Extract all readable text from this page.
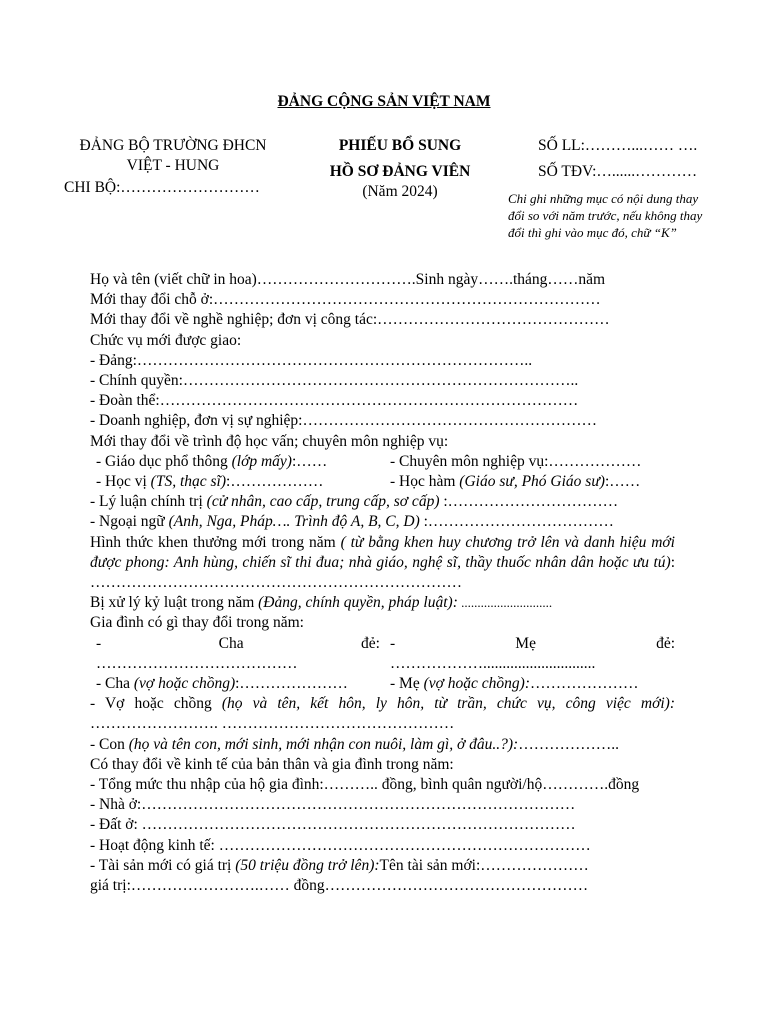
ĐẢNG CỘNG SẢN VIỆT NAM
ĐẢNG BỘ TRƯỜNG ĐHCN
VIỆT - HUNG
CHI BỘ:………………………
PHIẾU BỔ SUNG
HỒ SƠ ĐẢNG VIÊN
(Năm 2024)
SỐ LL:………...…… ….
SỐ TĐV:…......…………
Chi ghi những mục có nội dung thay đổi so với năm trước, nếu không thay đổi thì ghi vào mục đó, chữ “K”
Họ và tên (viết chữ in hoa)………………………….Sinh ngày…….tháng……năm
Mới thay đổi chỗ ở:…………………………………………………………………
Mới thay đổi về nghề nghiệp; đơn vị công tác:………………………………………
Chức vụ mới được giao:
- Đảng:…………………………………………………………………..
- Chính quyền:…………………………………………………………………..
- Đoàn thể:………………………………………………………………………
- Doanh nghiệp, đơn vị sự nghiệp:…………………………………………………
Mới thay đổi về trình độ học vấn; chuyên môn nghiệp vụ:
- Giáo dục phổ thông (lớp mấy):……	- Chuyên môn nghiệp vụ:………………
- Học vị (TS, thạc sĩ):………………	- Học hàm (Giáo sư, Phó Giáo sư):……
- Lý luận chính trị (cử nhân, cao cấp, trung cấp, sơ cấp) :……………………………
- Ngoại ngữ (Anh, Nga, Pháp…. Trình độ A, B, C, D) :………………………………
Hình thức khen thưởng mới trong năm ( từ bằng khen huy chương trở lên và danh hiệu mới được phong: Anh hùng, chiến sĩ thi đua; nhà giáo, nghệ sĩ, thầy thuốc nhân dân hoặc ưu tú): ………………………………………………………………
Bị xử lý kỷ luật trong năm (Đảng, chính quyền, pháp luật): ............................
Gia đình có gì thay đổi trong năm:
-	Cha	đẻ: -	Mẹ	đẻ:
…………………………………	……………….............................
- Cha (vợ hoặc chồng):…………………	- Mẹ (vợ hoặc chồng):…………………
- Vợ hoặc chồng (họ và tên, kết hôn, ly hôn, từ trần, chức vụ, công việc mới): ……………………. ………………………………………
- Con (họ và tên con, mới sinh, mới nhận con nuôi, làm gì, ở đâu..?):………………..
Có thay đổi về kinh tế của bản thân và gia đình trong năm:
- Tổng mức thu nhập của hộ gia đình:……….. đồng, bình quân người/hộ………….đồng
- Nhà ở:…………………………………………………………………………
- Đất ở: …………………………………………………………………………
- Hoạt động kinh tế: ………………………………………………………………
- Tài sản mới có giá trị (50 triệu đồng trở lên):Tên tài sản mới:…………………
giá trị:…………………….…… đồng……………………………………………
